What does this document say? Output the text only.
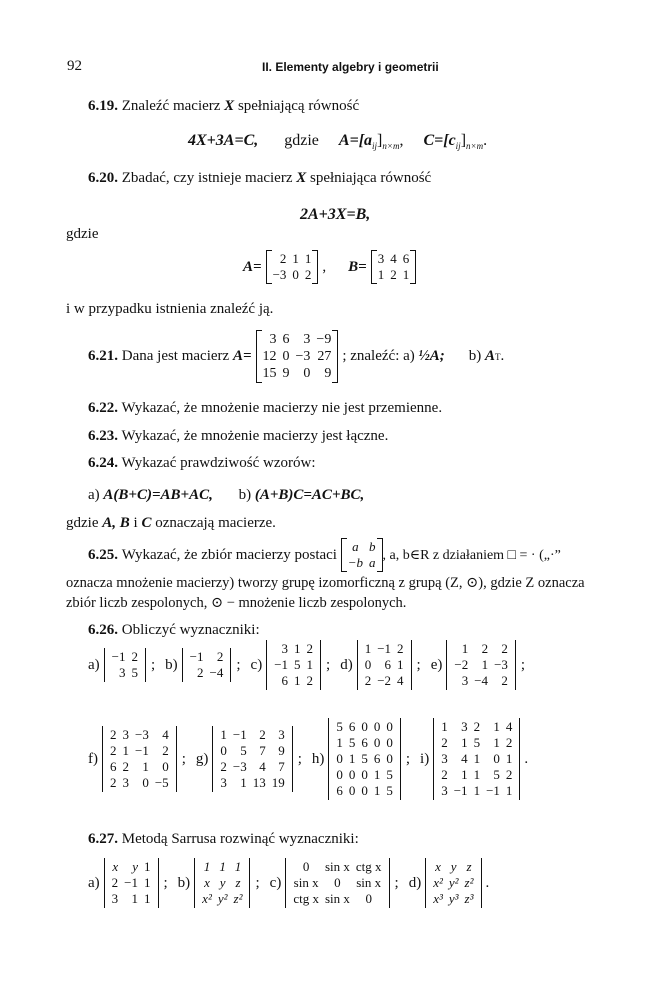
92	II. Elementy algebry i geometrii
6.19. Znaleźć macierz X spełniającą równość
4X+3A=C, gdzie $A=[a_{ij}]_{n\times m}$, $C=[c_{ij}]_{n\times m}$.
6.20. Zbadać, czy istnieje macierz X spełniająca równość
2A+3X=B,
gdzie
A= 2	1	1
−3	0	2 , B= 3	4	6
1	2	1
i w przypadku istnienia znaleźć ją.
6.21.
Dana jest macierz
A=
3	6	3	−9
12	0	−3	27
15	9	0	9
; znaleźć: a)
½A; b)
A T .
6.22. Wykazać, że mnożenie macierzy nie jest przemienne.
6.23. Wykazać, że mnożenie macierzy jest łączne.
6.24. Wykazać prawdziwość wzorów:
a) A(B+C)=AB+AC, b) (A+B)C=AC+BC,
gdzie A, B i C oznaczają macierze.
6.25.
Wykazać, że zbiór macierzy postaci
a	b
−b	a , a, b∈R z działaniem □ = · („·”
oznacza mnożenie macierzy) tworzy grupę izomorficzną z grupą (Z, ⊙), gdzie Z oznacza
zbiór liczb zespolonych, ⊙ − mnożenie liczb zespolonych.
6.26. Obliczyć wyznaczniki:
a) −1	2
3	5 ; b) −1	2
2	−4 ; c)
3	1	2
−1	5	1
6	1	2
; d)
1	−1	2
0	6	1
2	−2	4
; e)
1	2	2
−2	1	−3
3	−4	2
;
f)
2	3	−3	4
2	1	−1	2
6	2	1	0
2	3	0	−5
; g)
1	−1	2	3
0	5	7	9
2	−3	4	7
3	1	13	19
; h)
5	6	0	0	0
1	5	6	0	0
0	1	5	6	0
0	0	0	1	5
6	0	0	1	5
; i)
1	3	2	1	4
2	1	5	1	2
3	4	1	0	1
2	1	1	5	2
3	−1	1	−1	1
.
6.27. Metodą Sarrusa rozwinąć wyznaczniki:
a)
x	y	1
2	−1	1
3	1	1
; b)
1	1	1
x	y	z
x²	y²	z²
; c)
0	sin x	ctg x
sin x	0	sin x
ctg x	sin x	0
; d)
x	y	z
x²	y²	z²
x³	y³	z³
.
